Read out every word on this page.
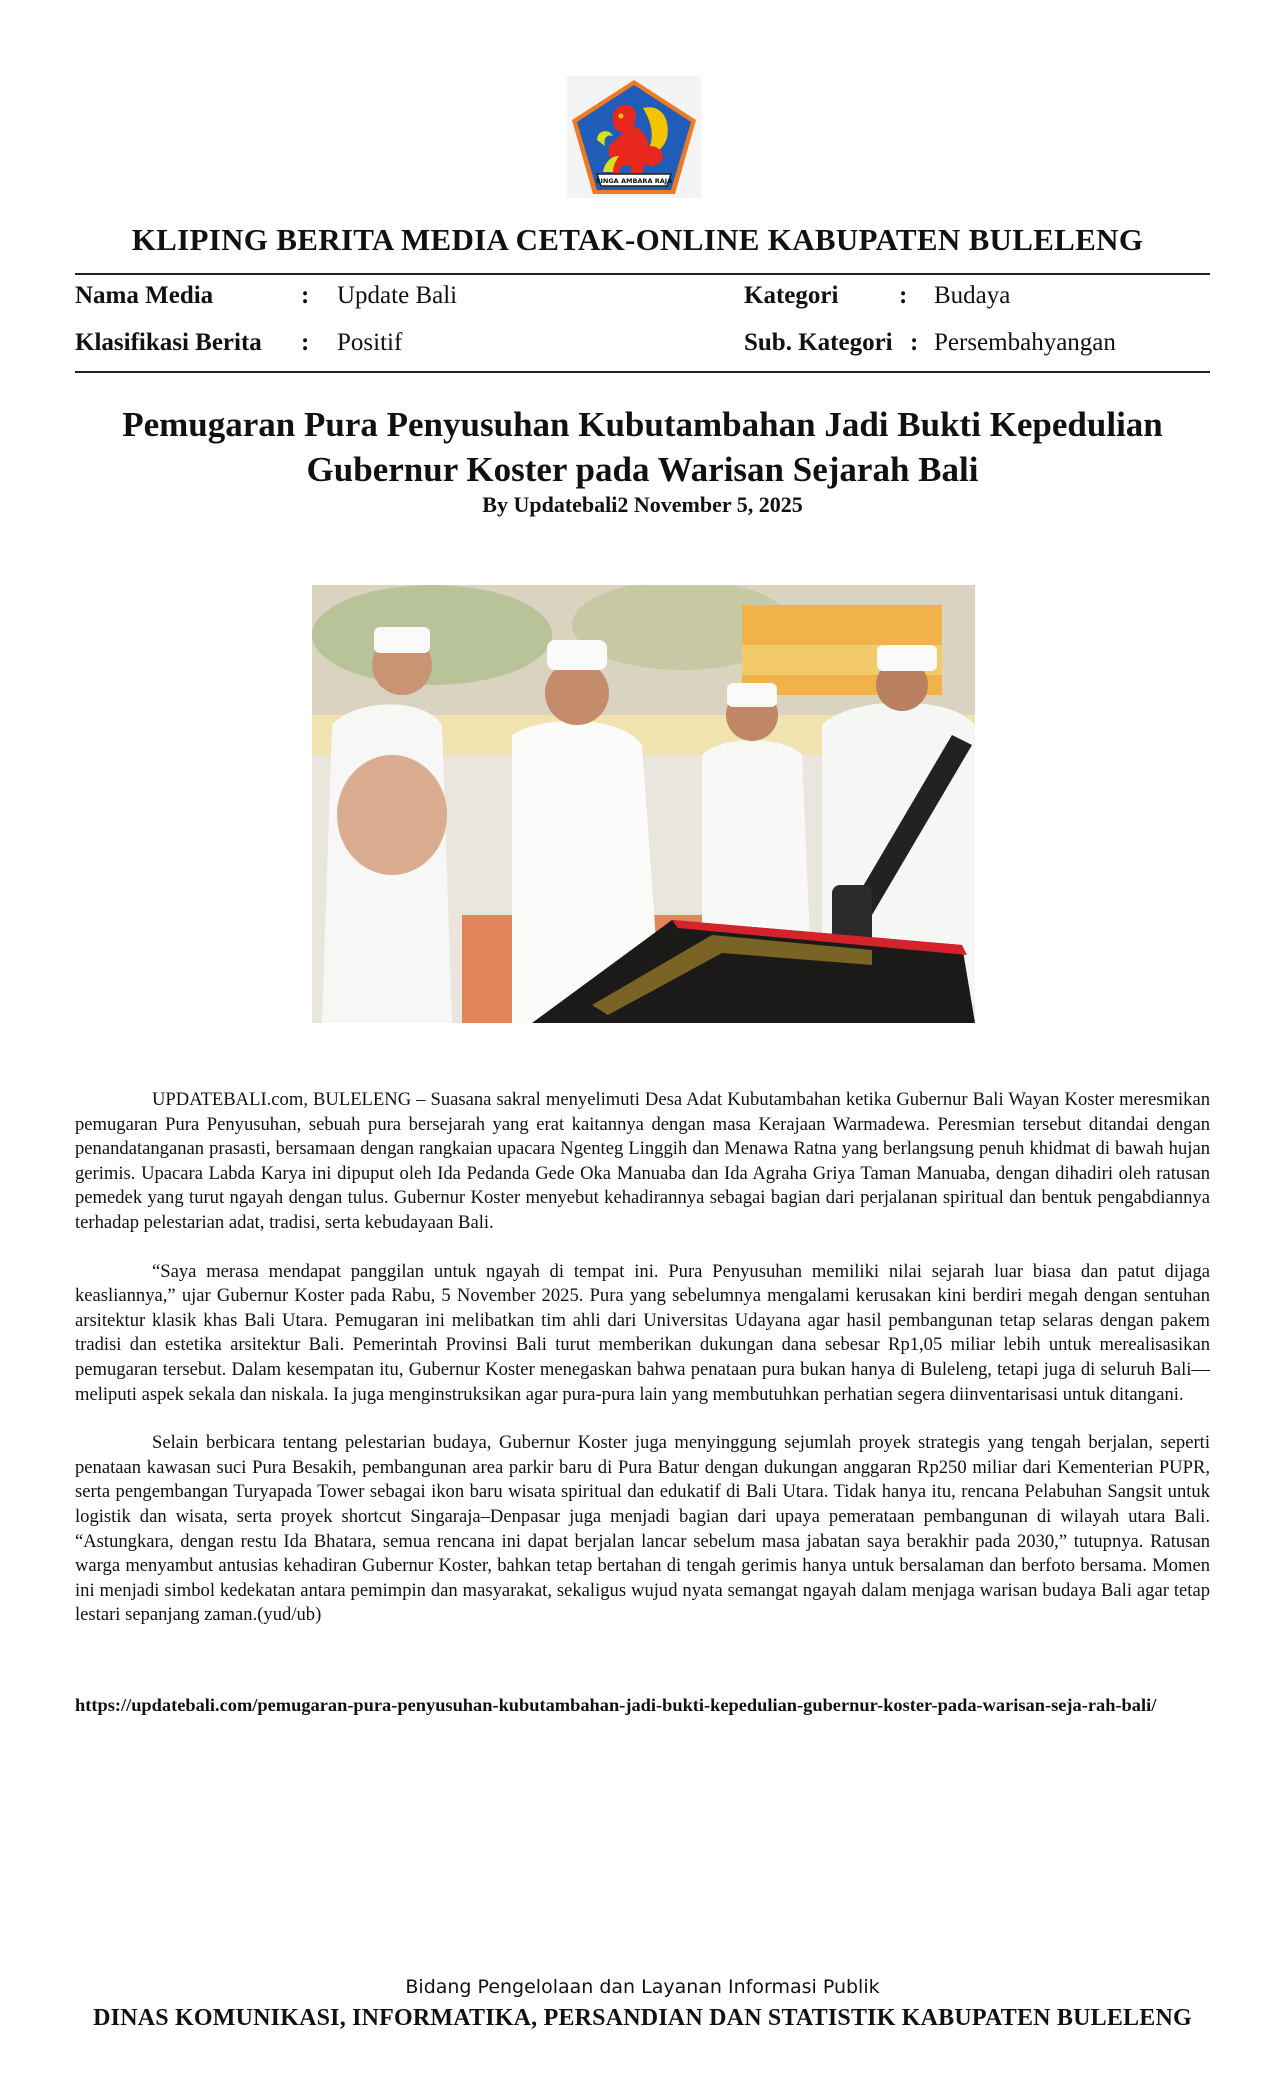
SINGA AMBARA RAJA
KLIPING BERITA MEDIA CETAK-ONLINE KABUPATEN BULELENG
Nama Media	: Update Bali
Klasifikasi Berita : Positif
Kategori : Budaya
Sub. Kategori : Persembahyangan
Pemugaran Pura Penyusuhan Kubutambahan Jadi Bukti Kepedulian
Gubernur Koster pada Warisan Sejarah Bali
By Updatebali2 November 5, 2025

UPDATEBALI.com, BULELENG – Suasana sakral menyelimuti Desa Adat Kubutambahan ketika Gubernur Bali Wayan Koster meresmikan pemugaran Pura Penyusuhan, sebuah pura bersejarah yang erat kaitannya dengan masa Kerajaan Warmadewa. Peresmian tersebut ditandai dengan penandatanganan prasasti, bersamaan dengan rangkaian upacara Ngenteg Linggih dan Menawa Ratna yang berlangsung penuh khidmat di bawah hujan gerimis. Upacara Labda Karya ini dipuput oleh Ida Pedanda Gede Oka Manuaba dan Ida Agraha Griya Taman Manuaba, dengan dihadiri oleh ratusan pemedek yang turut ngayah dengan tulus. Gubernur Koster menyebut kehadirannya sebagai bagian dari perjalanan spiritual dan bentuk pengabdiannya terhadap pelestarian adat, tradisi, serta kebudayaan Bali.

“Saya merasa mendapat panggilan untuk ngayah di tempat ini. Pura Penyusuhan memiliki nilai sejarah luar biasa dan patut dijaga keasliannya,” ujar Gubernur Koster pada Rabu, 5 November 2025. Pura yang sebelumnya mengalami kerusakan kini berdiri megah dengan sentuhan arsitektur klasik khas Bali Utara. Pemugaran ini melibatkan tim ahli dari Universitas Udayana agar hasil pembangunan tetap selaras dengan pakem tradisi dan estetika arsitektur Bali. Pemerintah Provinsi Bali turut memberikan dukungan dana sebesar Rp1,05 miliar lebih untuk merealisasikan pemugaran tersebut. Dalam kesempatan itu, Gubernur Koster menegaskan bahwa penataan pura bukan hanya di Buleleng, tetapi juga di seluruh Bali—meliputi aspek sekala dan niskala. Ia juga menginstruksikan agar pura-pura lain yang membutuhkan perhatian segera diinventarisasi untuk ditangani.

Selain berbicara tentang pelestarian budaya, Gubernur Koster juga menyinggung sejumlah proyek strategis yang tengah berjalan, seperti penataan kawasan suci Pura Besakih, pembangunan area parkir baru di Pura Batur dengan dukungan anggaran Rp250 miliar dari Kementerian PUPR, serta pengembangan Turyapada Tower sebagai ikon baru wisata spiritual dan edukatif di Bali Utara. Tidak hanya itu, rencana Pelabuhan Sangsit untuk logistik dan wisata, serta proyek shortcut Singaraja–Denpasar juga menjadi bagian dari upaya pemerataan pembangunan di wilayah utara Bali. “Astungkara, dengan restu Ida Bhatara, semua rencana ini dapat berjalan lancar sebelum masa jabatan saya berakhir pada 2030,” tutupnya. Ratusan warga menyambut antusias kehadiran Gubernur Koster, bahkan tetap bertahan di tengah gerimis hanya untuk bersalaman dan berfoto bersama. Momen ini menjadi simbol kedekatan antara pemimpin dan masyarakat, sekaligus wujud nyata semangat ngayah dalam menjaga warisan budaya Bali agar tetap lestari sepanjang zaman.(yud/ub)

https://updatebali.com/pemugaran-pura-penyusuhan-kubutambahan-jadi-bukti-kepedulian-gubernur-koster-pada-warisan-seja-rah-bali/
Bidang Pengelolaan dan Layanan Informasi Publik
DINAS KOMUNIKASI, INFORMATIKA, PERSANDIAN DAN STATISTIK KABUPATEN BULELENG
